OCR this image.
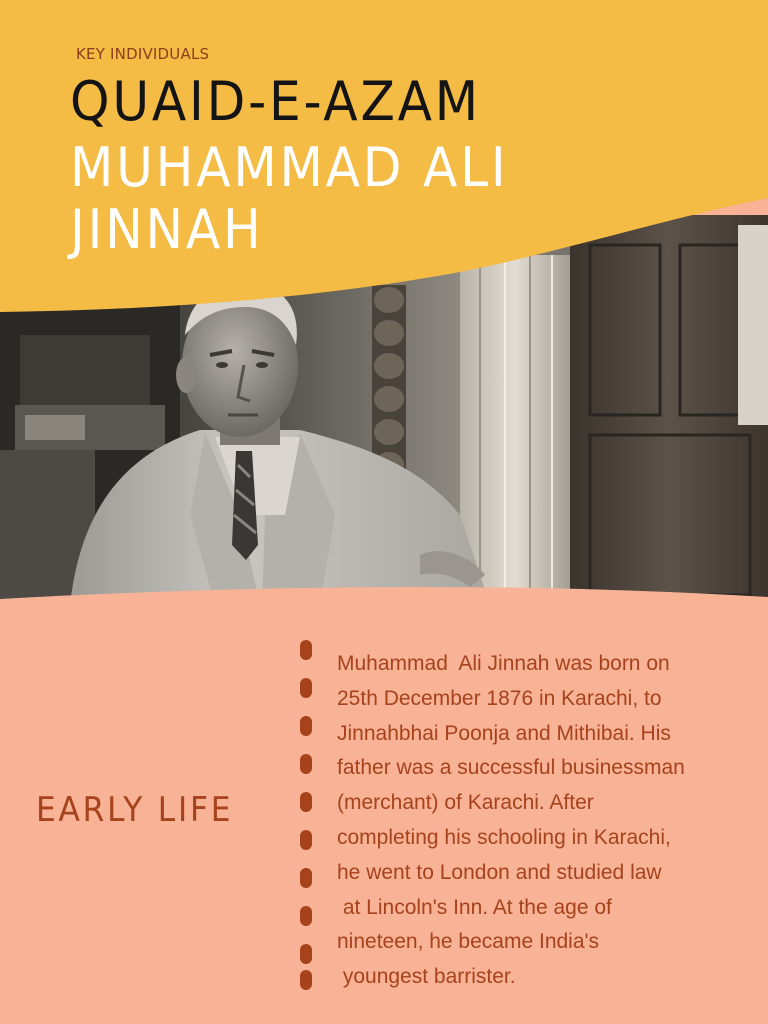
KEY INDIVIDUALS
QUAID-E-AZAM
MUHAMMAD ALI
JINNAH
EARLY LIFE
Muhammad  Ali Jinnah was born on
25th December 1876 in Karachi, to
Jinnahbhai Poonja and Mithibai. His
father was a successful businessman
(merchant) of Karachi. After
completing his schooling in Karachi,
he went to London and studied law
at Lincoln's Inn. At the age of
nineteen, he became India's
youngest barrister.
